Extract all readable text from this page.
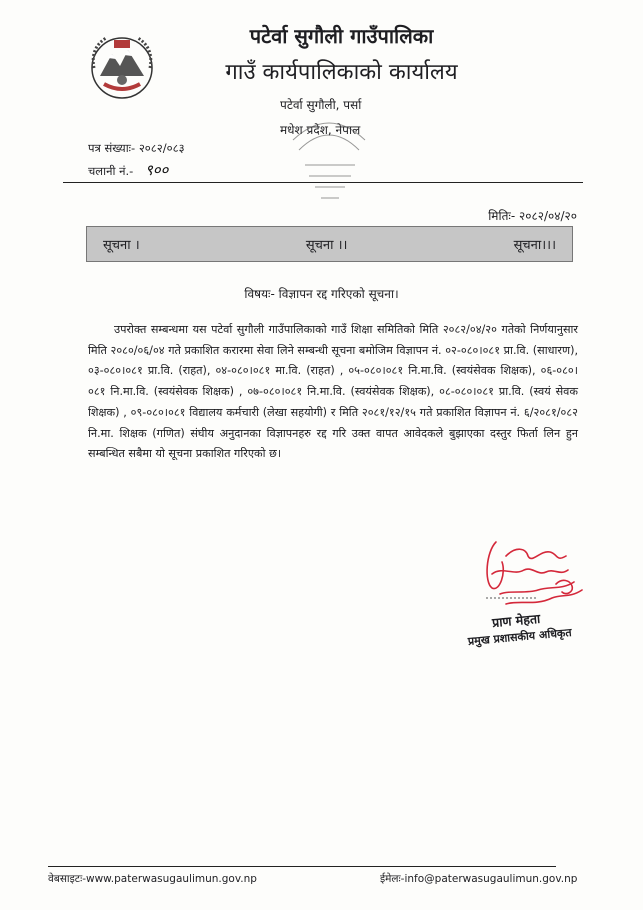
पटेर्वा सुगौली गाउँपालिका
गाउँ कार्यपालिकाको कार्यालय
पटेर्वा सुगौली, पर्सा
मधेश प्रदेश, नेपाल
पत्र संख्याः- २०८२/०८३
चलानी नं.- ९००
मितिः- २०८२/०४/२०
सूचना ।	सूचना ।।	सूचना।।।
विषयः- विज्ञापन रद्द गरिएको सूचना।

उपरोक्त सम्बन्धमा यस पटेर्वा सुगौली गाउँपालिकाको गाउँ शिक्षा समितिको मिति २०८२/०४/२० गतेको निर्णयानुसार मिति २०८०/०६/०४ गते प्रकाशित करारमा सेवा लिने सम्बन्धी सूचना बमोजिम विज्ञापन नं. ०२-०८०।०८१ प्रा.वि. (साधारण), ०३-०८०।०८१ प्रा.वि. (राहत), ०४-०८०।०८१ मा.वि. (राहत) , ०५-०८०।०८१ नि.मा.वि. (स्वयंसेवक शिक्षक), ०६-०८०।०८१ नि.मा.वि. (स्वयंसेवक शिक्षक) , ०७-०८०।०८१ नि.मा.वि. (स्वयंसेवक शिक्षक), ०८-०८०।०८१ प्रा.वि. (स्वयं सेवक शिक्षक) , ०९-०८०।०८१ विद्यालय कर्मचारी (लेखा सहयोगी) र मिति २०८१/१२/१५ गते प्रकाशित विज्ञापन नं. ६/२०८१/०८२ नि.मा. शिक्षक (गणित) संघीय अनुदानका विज्ञापनहरु रद्द गरि उक्त वापत आवेदकले बुझाएका दस्तुर फिर्ता लिन हुन सम्बन्धित सबैमा यो सूचना प्रकाशित गरिएको छ।

प्राण मेहता
प्रमुख प्रशासकीय अधिकृत
वेबसाइटः-www.paterwasugaulimun.gov.np	ईमेलः-info@paterwasugaulimun.gov.np
